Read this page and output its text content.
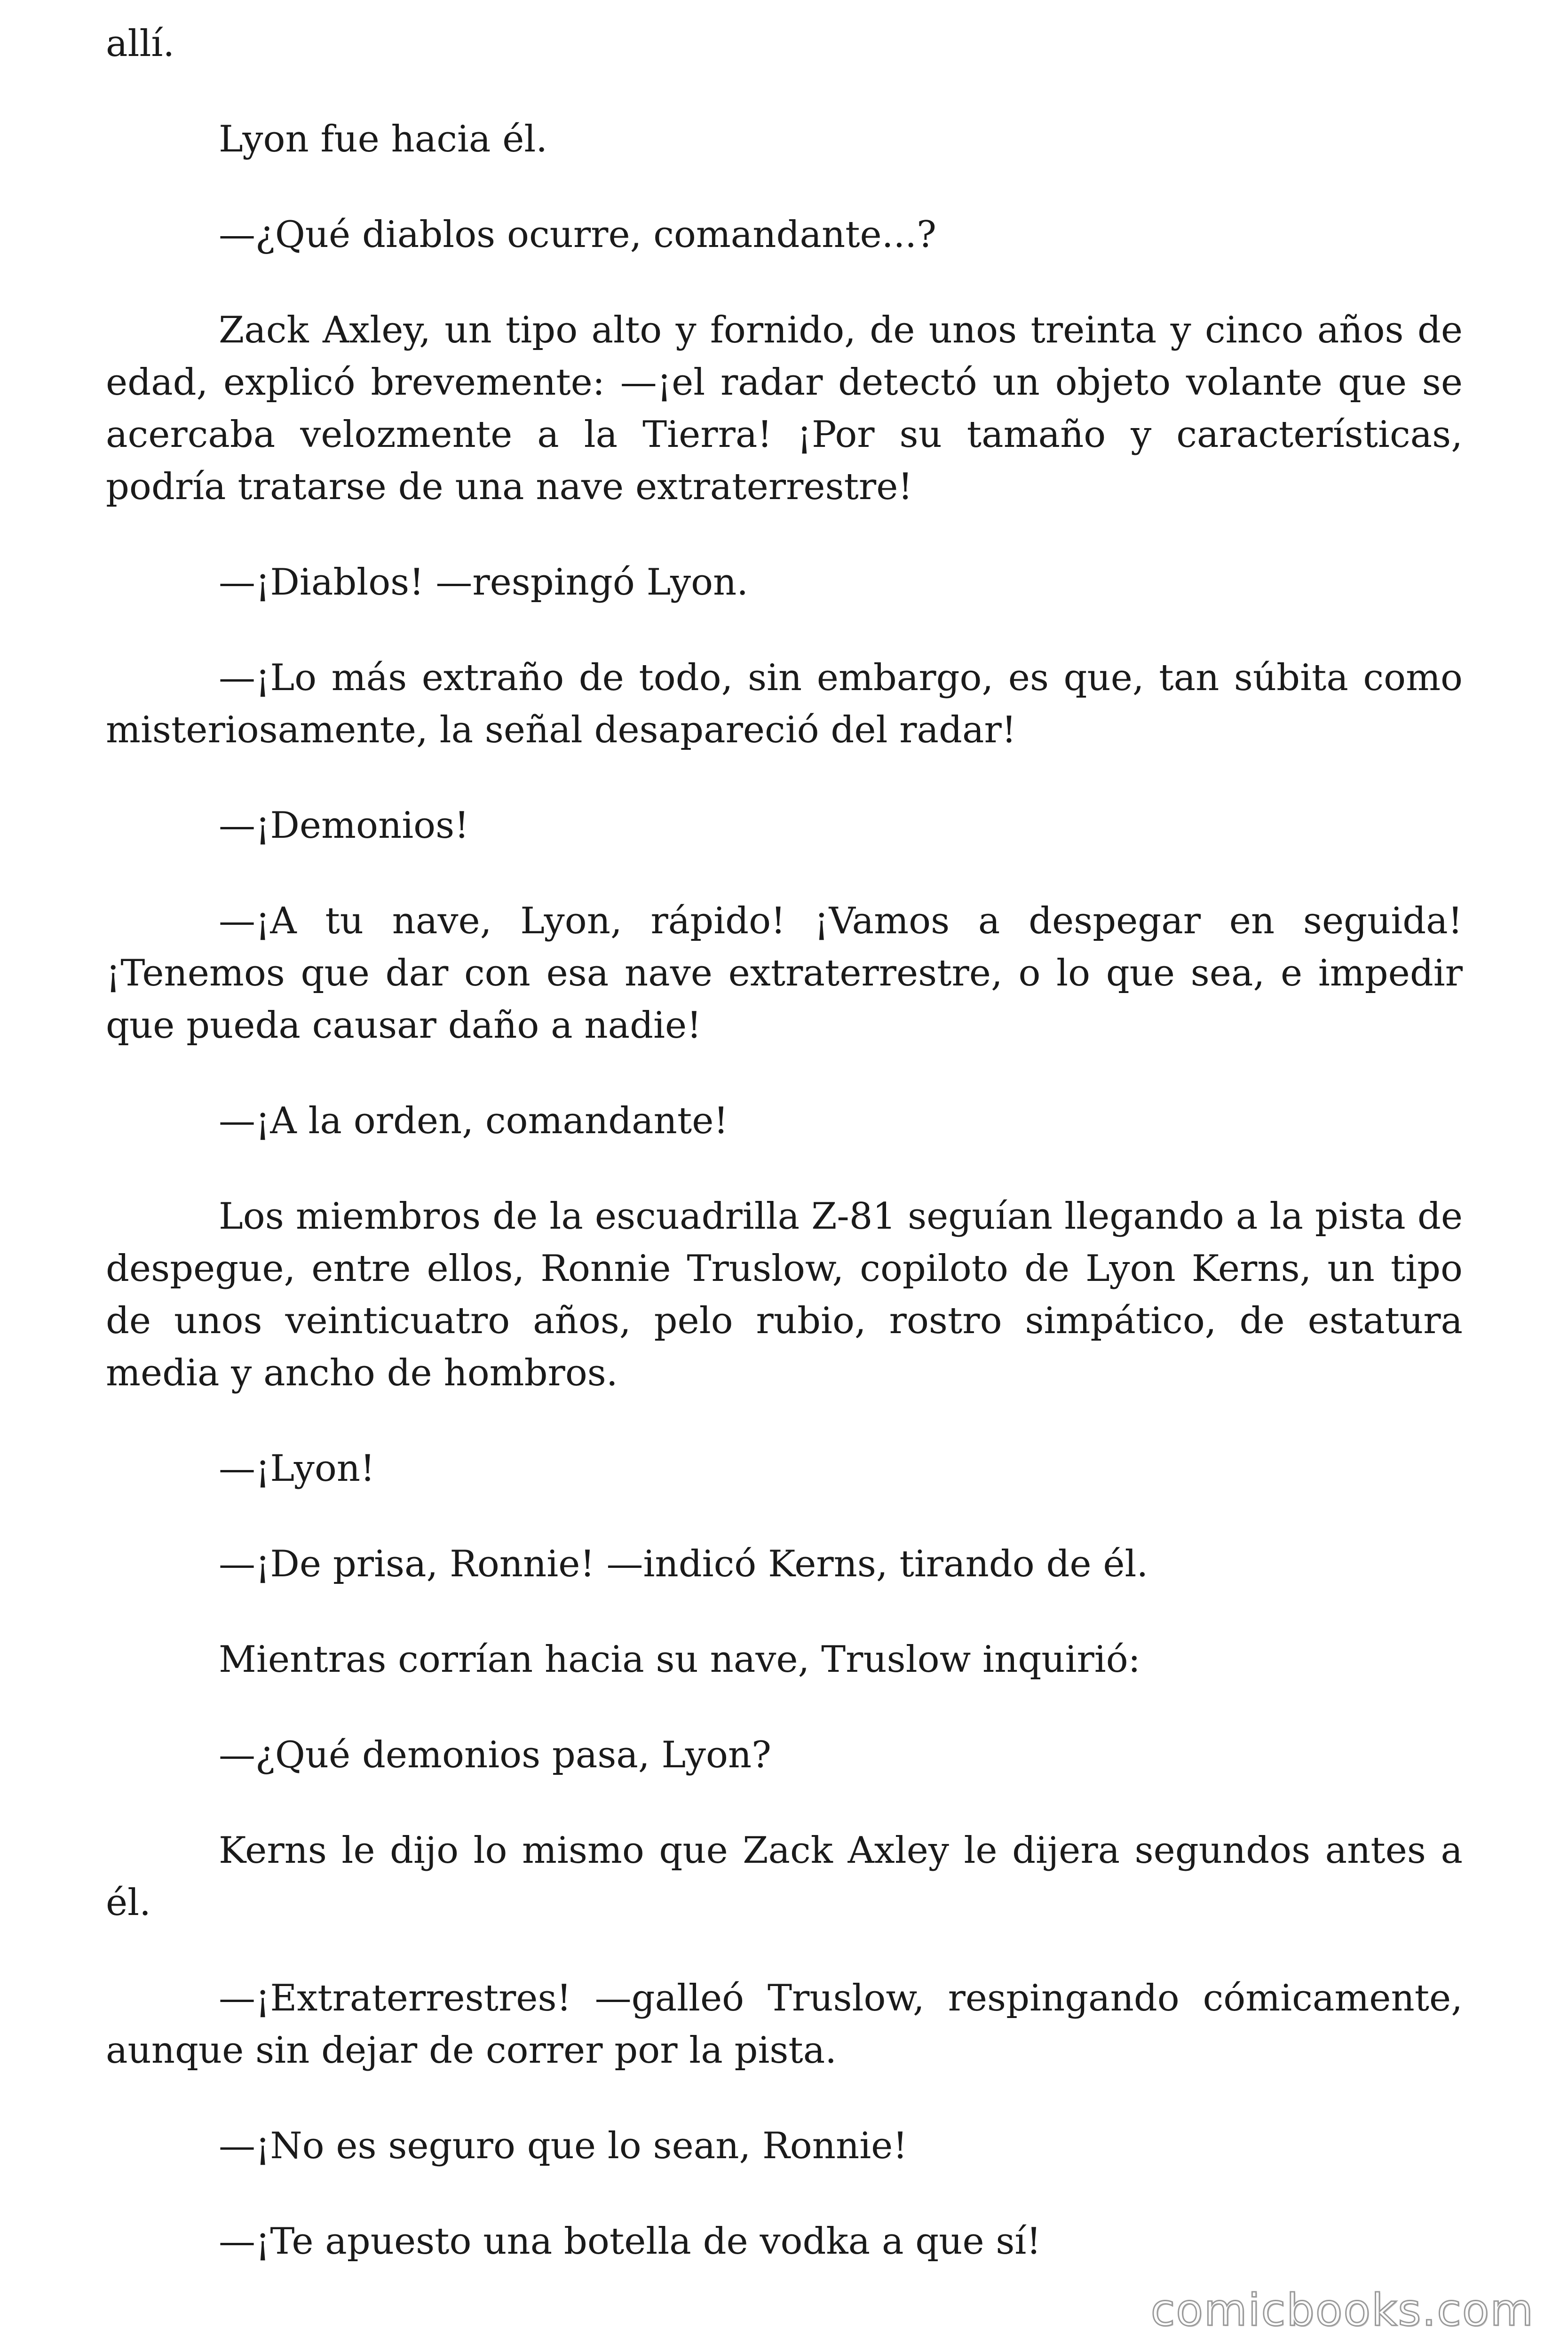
allí.

Lyon fue hacia él.

—¿Qué diablos ocurre, comandante...?

Zack Axley, un tipo alto y fornido, de unos treinta y cinco años de edad, explicó brevemente: —¡el radar detectó un objeto volante que se acercaba velozmente a la Tierra! ¡Por su tamaño y características, podría tratarse de una nave extraterrestre!

—¡Diablos! —respingó Lyon.

—¡Lo más extraño de todo, sin embargo, es que, tan súbita como misteriosamente, la señal desapareció del radar!

—¡Demonios!

—¡A tu nave, Lyon, rápido! ¡Vamos a despegar en seguida! ¡Tenemos que dar con esa nave extraterrestre, o lo que sea, e impedir que pueda causar daño a nadie!

—¡A la orden, comandante!

Los miembros de la escuadrilla Z-81 seguían llegando a la pista de despegue, entre ellos, Ronnie Truslow, copiloto de Lyon Kerns, un tipo de unos veinticuatro años, pelo rubio, rostro simpático, de estatura media y ancho de hombros.

—¡Lyon!

—¡De prisa, Ronnie! —indicó Kerns, tirando de él.

Mientras corrían hacia su nave, Truslow inquirió:

—¿Qué demonios pasa, Lyon?

Kerns le dijo lo mismo que Zack Axley le dijera segundos antes a él.

—¡Extraterrestres! —galleó Truslow, respingando cómicamente, aunque sin dejar de correr por la pista.

—¡No es seguro que lo sean, Ronnie!

—¡Te apuesto una botella de vodka a que sí!

comicbooks.com
